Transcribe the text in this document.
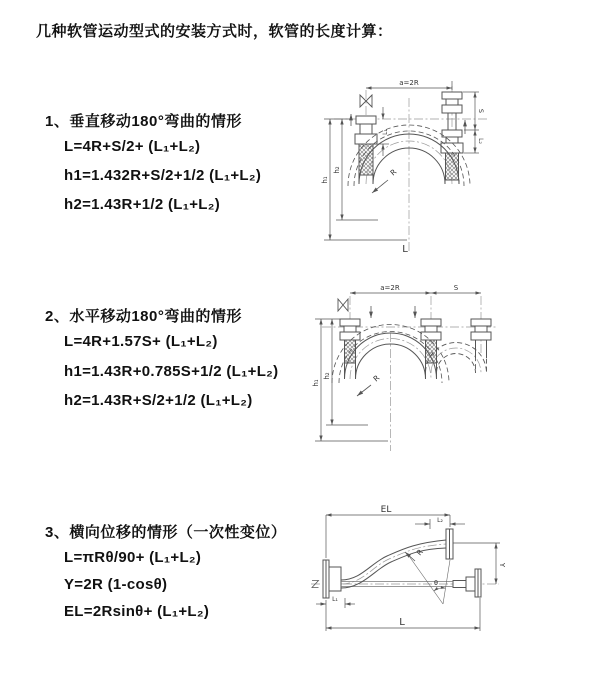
几种软管运动型式的安装方式时，软管的长度计算：
1、垂直移动180°弯曲的情形
L=4R+S/2+ (L₁+L₂)
h1=1.432R+S/2+1/2 (L₁+L₂)
h2=1.43R+1/2 (L₁+L₂)
a=2R
h₁
h₂
L₁
S
L₂
R
L
2、水平移动180°弯曲的情形
L=4R+1.57S+ (L₁+L₂)
h1=1.43R+0.785S+1/2 (L₁+L₂)
h2=1.43R+S/2+1/2 (L₁+L₂)
a=2R	S
h₁
h₂	R
3、横向位移的情形（一次性变位）
L=πRθ/90+ (L₁+L₂)
Y=2R (1-cosθ)
EL=2Rsinθ+ (L₁+L₂)
EL
L₂
Y
R
θ
L
L₁
